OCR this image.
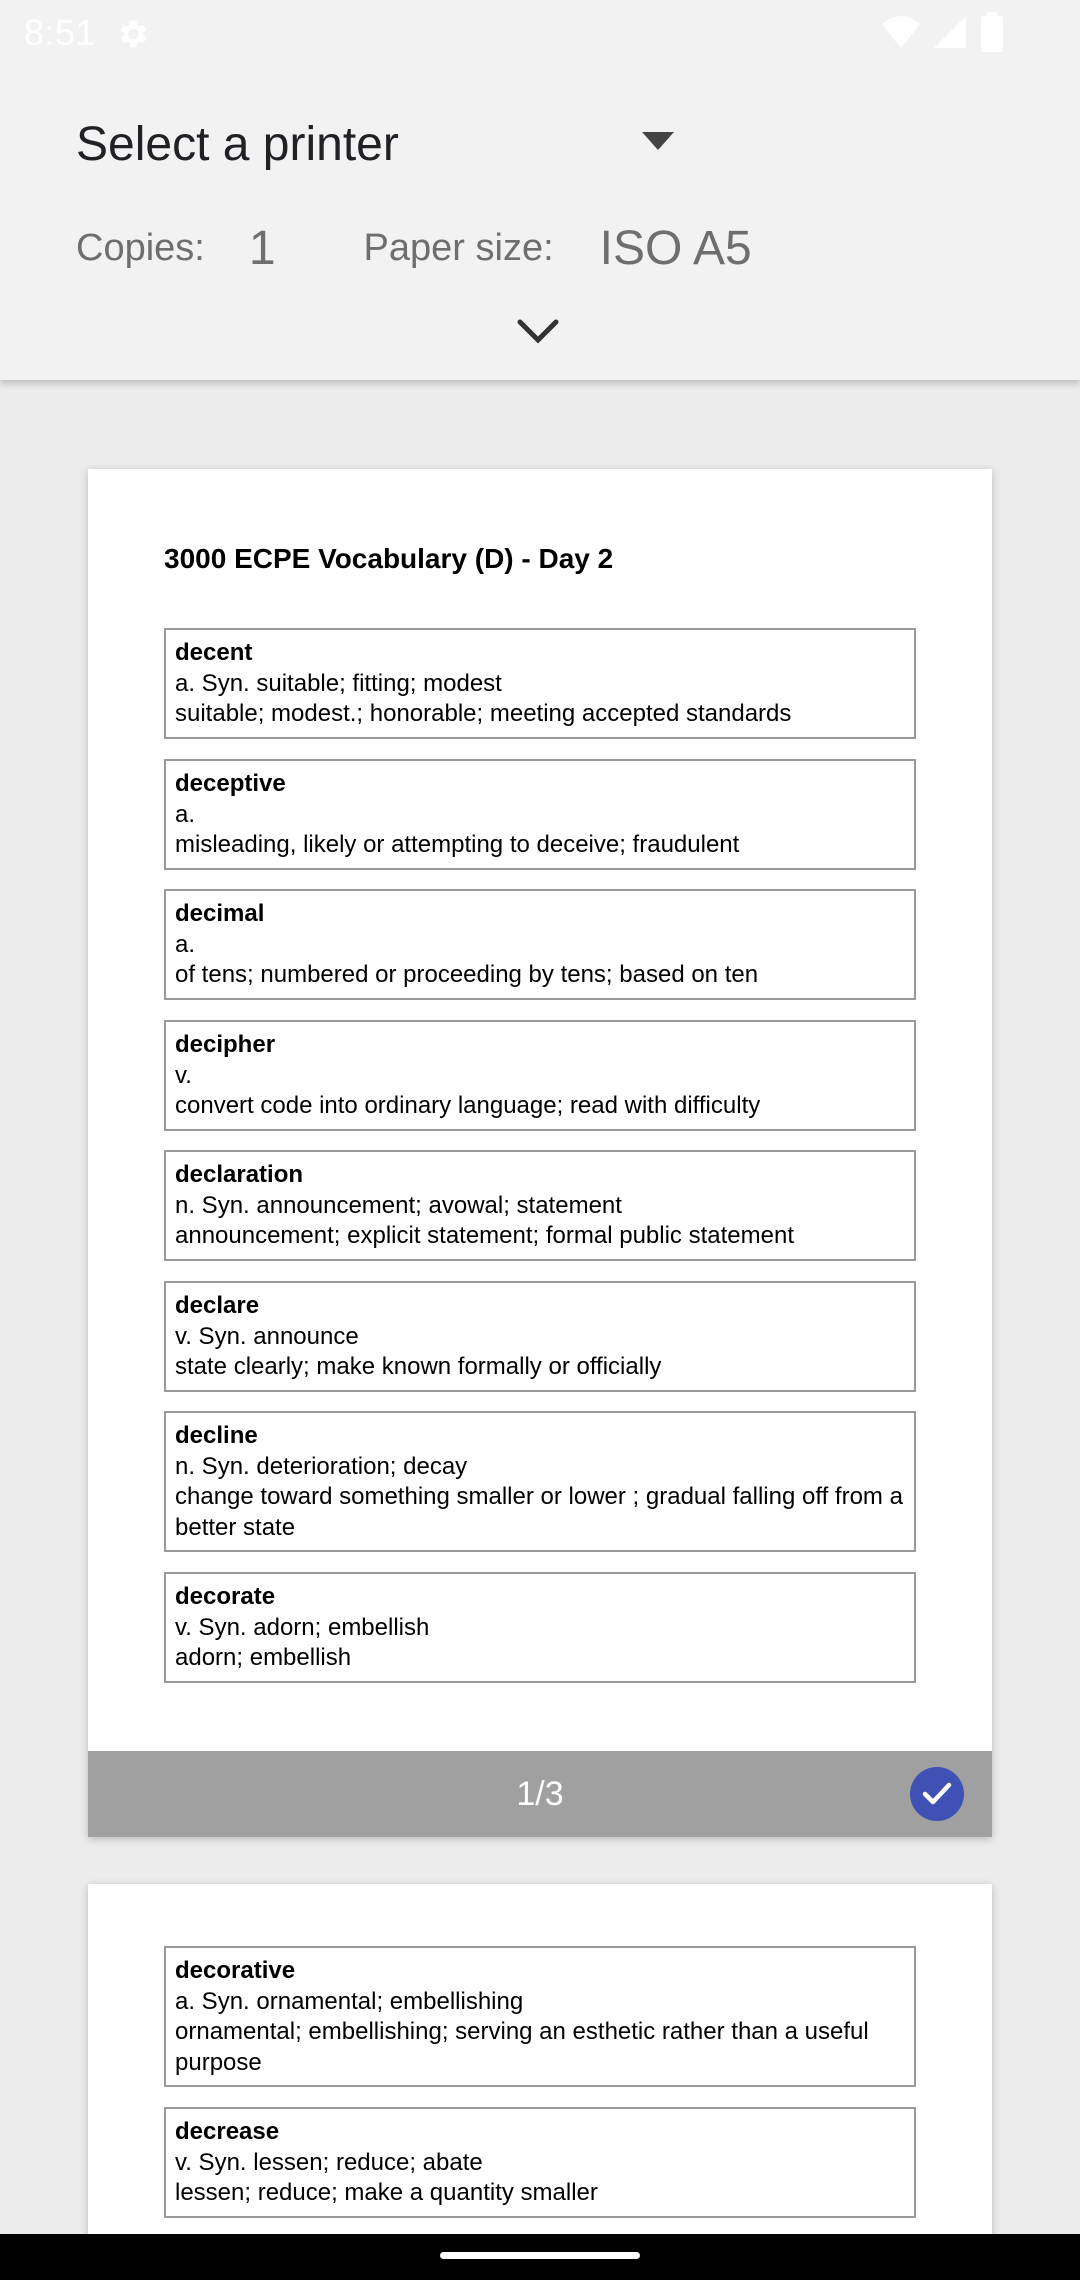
8:51
Select a printer
Copies: 1 Paper size: ISO A5
3000 ECPE Vocabulary (D) - Day 2
decent
a. Syn. suitable; fitting; modest
suitable; modest.; honorable; meeting accepted standards
deceptive
a.
misleading, likely or attempting to deceive; fraudulent
decimal
a.
of tens; numbered or proceeding by tens; based on ten
decipher
v.
convert code into ordinary language; read with difficulty
declaration
n. Syn. announcement; avowal; statement
announcement; explicit statement; formal public statement
declare
v. Syn. announce
state clearly; make known formally or officially
decline
n. Syn. deterioration; decay
change toward something smaller or lower ; gradual falling off from a better state
decorate
v. Syn. adorn; embellish
adorn; embellish
1/3
decorative
a. Syn. ornamental; embellishing
ornamental; embellishing; serving an esthetic rather than a useful purpose
decrease
v. Syn. lessen; reduce; abate
lessen; reduce; make a quantity smaller
